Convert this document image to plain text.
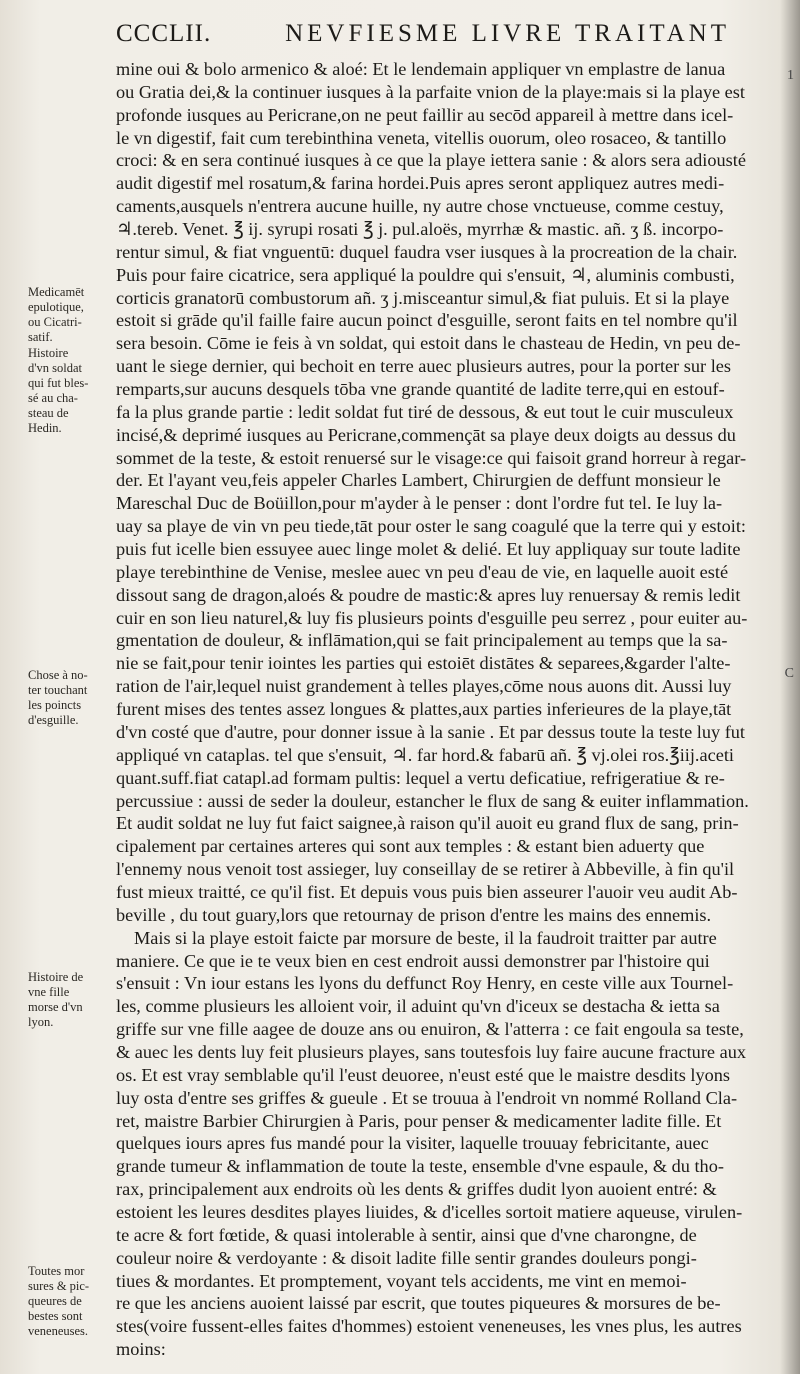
CCCLII.	NEVFIESME LIVRE TRAITANT
mine oui & bolo armenico & aloé: Et le lendemain appliquer vn emplastre de lanua
ou Gratia dei,& la continuer iusques à la parfaite vnion de la playe:mais si la playe est
profonde iusques au Pericrane,on ne peut faillir au secōd appareil à mettre dans icel-
le vn digestif, fait cum terebinthina veneta, vitellis ouorum, oleo rosaceo, & tantillo
croci: & en sera continué iusques à ce que la playe iettera sanie : & alors sera adiousté
audit digestif mel rosatum,& farina hordei.Puis apres seront appliquez autres medi-
caments,ausquels n'entrera aucune huille, ny autre chose vnctueuse, comme cestuy,
♃.tereb. Venet. ℥ ij. syrupi rosati ℥ j. pul.aloës, myrrhæ & mastic. añ. ʒ ß. incorpo-
rentur simul, & fiat vnguentū: duquel faudra vser iusques à la procreation de la chair.
Puis pour faire cicatrice, sera appliqué la pouldre qui s'ensuit, ♃, aluminis combusti,
corticis granatorū combustorum añ. ʒ j.misceantur simul,& fiat puluis. Et si la playe
estoit si grāde qu'il faille faire aucun poinct d'esguille, seront faits en tel nombre qu'il
sera besoin. Cōme ie feis à vn soldat, qui estoit dans le chasteau de Hedin, vn peu de-
uant le siege dernier, qui bechoit en terre auec plusieurs autres, pour la porter sur les
remparts,sur aucuns desquels tōba vne grande quantité de ladite terre,qui en estouf-
fa la plus grande partie : ledit soldat fut tiré de dessous, & eut tout le cuir musculeux
incisé,& deprimé iusques au Pericrane,commençāt sa playe deux doigts au dessus du
sommet de la teste, & estoit renuersé sur le visage:ce qui faisoit grand horreur à regar-
der. Et l'ayant veu,feis appeler Charles Lambert, Chirurgien de deffunt monsieur le
Mareschal Duc de Boüillon,pour m'ayder à le penser : dont l'ordre fut tel. Ie luy la-
uay sa playe de vin vn peu tiede,tāt pour oster le sang coagulé que la terre qui y estoit:
puis fut icelle bien essuyee auec linge molet & delié. Et luy appliquay sur toute ladite
playe terebinthine de Venise, meslee auec vn peu d'eau de vie, en laquelle auoit esté
dissout sang de dragon,aloés & poudre de mastic:& apres luy renuersay & remis ledit
cuir en son lieu naturel,& luy fis plusieurs points d'esguille peu serrez , pour euiter au-
gmentation de douleur, & inflāmation,qui se fait principalement au temps que la sa-
nie se fait,pour tenir iointes les parties qui estoiēt distātes & separees,&garder l'alte-
ration de l'air,lequel nuist grandement à telles playes,cōme nous auons dit. Aussi luy
furent mises des tentes assez longues & plattes,aux parties inferieures de la playe,tāt
d'vn costé que d'autre, pour donner issue à la sanie . Et par dessus toute la teste luy fut
appliqué vn cataplas. tel que s'ensuit, ♃. far hord.& fabarū añ. ℥ vj.olei ros.℥iij.aceti
quant.suff.fiat catapl.ad formam pultis: lequel a vertu deficatiue, refrigeratiue & re-
percussiue : aussi de seder la douleur, estancher le flux de sang & euiter inflammation.
Et audit soldat ne luy fut faict saignee,à raison qu'il auoit eu grand flux de sang, prin-
cipalement par certaines arteres qui sont aux temples : & estant bien aduerty que
l'ennemy nous venoit tost assieger, luy conseillay de se retirer à Abbeville, à fin qu'il
fust mieux traitté, ce qu'il fist. Et depuis vous puis bien asseurer l'auoir veu audit Ab-
beville , du tout guary,lors que retournay de prison d'entre les mains des ennemis.
Mais si la playe estoit faicte par morsure de beste, il la faudroit traitter par autre
maniere. Ce que ie te veux bien en cest endroit aussi demonstrer par l'histoire qui
s'ensuit : Vn iour estans les lyons du deffunct Roy Henry, en ceste ville aux Tournel-
les, comme plusieurs les alloient voir, il aduint qu'vn d'iceux se destacha & ietta sa
griffe sur vne fille aagee de douze ans ou enuiron, & l'atterra : ce fait engoula sa teste,
& auec les dents luy feit plusieurs playes, sans toutesfois luy faire aucune fracture aux
os. Et est vray semblable qu'il l'eust deuoree, n'eust esté que le maistre desdits lyons
luy osta d'entre ses griffes & gueule . Et se trouua à l'endroit vn nommé Rolland Cla-
ret, maistre Barbier Chirurgien à Paris, pour penser & medicamenter ladite fille. Et
quelques iours apres fus mandé pour la visiter, laquelle trouuay febricitante, auec
grande tumeur & inflammation de toute la teste, ensemble d'vne espaule, & du tho-
rax, principalement aux endroits où les dents & griffes dudit lyon auoient entré: &
estoient les leures desdites playes liuides, & d'icelles sortoit matiere aqueuse, virulen-
te acre & fort fœtide, & quasi intolerable à sentir, ainsi que d'vne charongne, de
couleur noire & verdoyante : & disoit ladite fille sentir grandes douleurs pongi-
tiues & mordantes. Et promptement, voyant tels accidents, me vint en memoi-
re que les anciens auoient laissé par escrit, que toutes piqueures & morsures de be-
stes(voire fussent-elles faites d'hommes) estoient veneneuses, les vnes plus, les autres
moins:
Medicamēt
epulotique,
ou Cicatri-
satif.
Histoire
d'vn soldat
qui fut bles-
sé au cha-
steau de
Hedin.
Chose à no-
ter touchant
les poincts
d'esguille.
Histoire de
vne fille
morse d'vn
lyon.
Toutes mor
sures & pic-
queures de
bestes sont
veneneuses.
1
C
